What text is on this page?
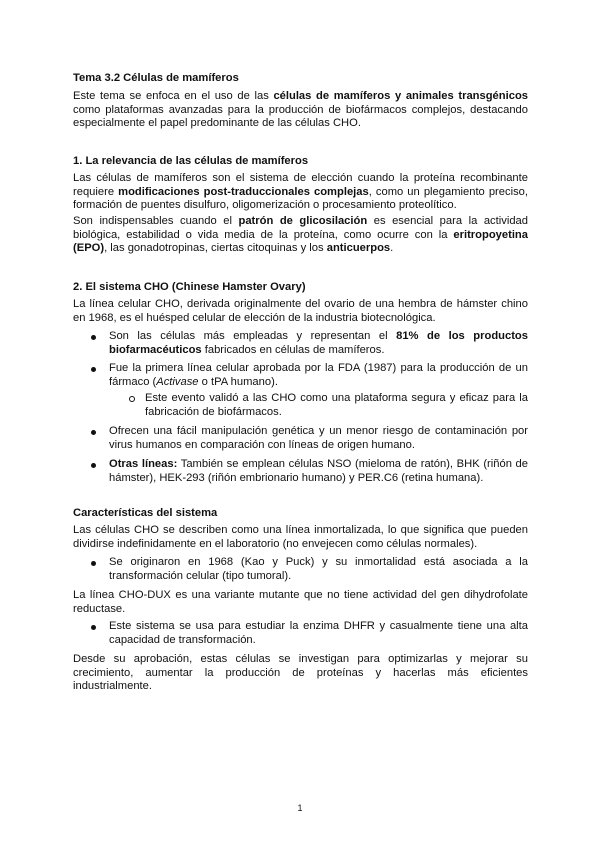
Tema 3.2 Células de mamíferos

Este tema se enfoca en el uso de las células de mamíferos y animales transgénicos como plataformas avanzadas para la producción de biofármacos complejos, destacando especialmente el papel predominante de las células CHO.

1. La relevancia de las células de mamíferos

Las células de mamíferos son el sistema de elección cuando la proteína recombinante requiere modificaciones post-traduccionales complejas, como un plegamiento preciso, formación de puentes disulfuro, oligomerización o procesamiento proteolítico.

Son indispensables cuando el patrón de glicosilación es esencial para la actividad biológica, estabilidad o vida media de la proteína, como ocurre con la eritropoyetina (EPO), las gonadotropinas, ciertas citoquinas y los anticuerpos.

2. El sistema CHO (Chinese Hamster Ovary)

La línea celular CHO, derivada originalmente del ovario de una hembra de hámster chino en 1968, es el huésped celular de elección de la industria biotecnológica.

Son las células más empleadas y representan el 81% de los productos biofarmacéuticos fabricados en células de mamíferos.

Fue la primera línea celular aprobada por la FDA (1987) para la producción de un fármaco (Activase o tPA humano).

Este evento validó a las CHO como una plataforma segura y eficaz para la fabricación de biofármacos.

Ofrecen una fácil manipulación genética y un menor riesgo de contaminación por virus humanos en comparación con líneas de origen humano.

Otras líneas: También se emplean células NSO (mieloma de ratón), BHK (riñón de hámster), HEK-293 (riñón embrionario humano) y PER.C6 (retina humana).

Características del sistema

Las células CHO se describen como una línea inmortalizada, lo que significa que pueden dividirse indefinidamente en el laboratorio (no envejecen como células normales).

Se originaron en 1968 (Kao y Puck) y su inmortalidad está asociada a la transformación celular (tipo tumoral).

La línea CHO-DUX es una variante mutante que no tiene actividad del gen dihydrofolate reductase.

Este sistema se usa para estudiar la enzima DHFR y casualmente tiene una alta capacidad de transformación.

Desde su aprobación, estas células se investigan para optimizarlas y mejorar su crecimiento, aumentar la producción de proteínas y hacerlas más eficientes industrialmente.

1
